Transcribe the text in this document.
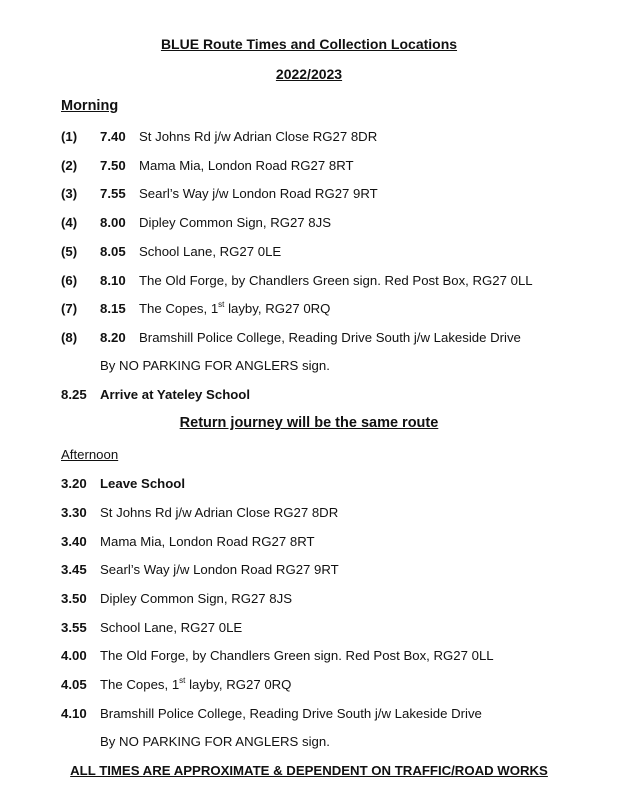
BLUE Route Times and Collection Locations
2022/2023
Morning
(1) 7.40 St Johns Rd j/w Adrian Close RG27 8DR
(2) 7.50 Mama Mia, London Road RG27 8RT
(3) 7.55 Searl’s Way j/w London Road RG27 9RT
(4) 8.00 Dipley Common Sign, RG27 8JS
(5) 8.05 School Lane, RG27 0LE
(6) 8.10 The Old Forge, by Chandlers Green sign. Red Post Box, RG27 0LL
(7) 8.15 The Copes, 1st layby, RG27 0RQ
(8) 8.20 Bramshill Police College, Reading Drive South j/w Lakeside Drive
By NO PARKING FOR ANGLERS sign.
8.25 Arrive at Yateley School
Return journey will be the same route
Afternoon
3.20 Leave School
3.30 St Johns Rd j/w Adrian Close RG27 8DR
3.40 Mama Mia, London Road RG27 8RT
3.45 Searl’s Way j/w London Road RG27 9RT
3.50 Dipley Common Sign, RG27 8JS
3.55 School Lane, RG27 0LE
4.00 The Old Forge, by Chandlers Green sign. Red Post Box, RG27 0LL
4.05 The Copes, 1st layby, RG27 0RQ
4.10 Bramshill Police College, Reading Drive South j/w Lakeside Drive
By NO PARKING FOR ANGLERS sign.
ALL TIMES ARE APPROXIMATE & DEPENDENT ON TRAFFIC/ROAD WORKS
